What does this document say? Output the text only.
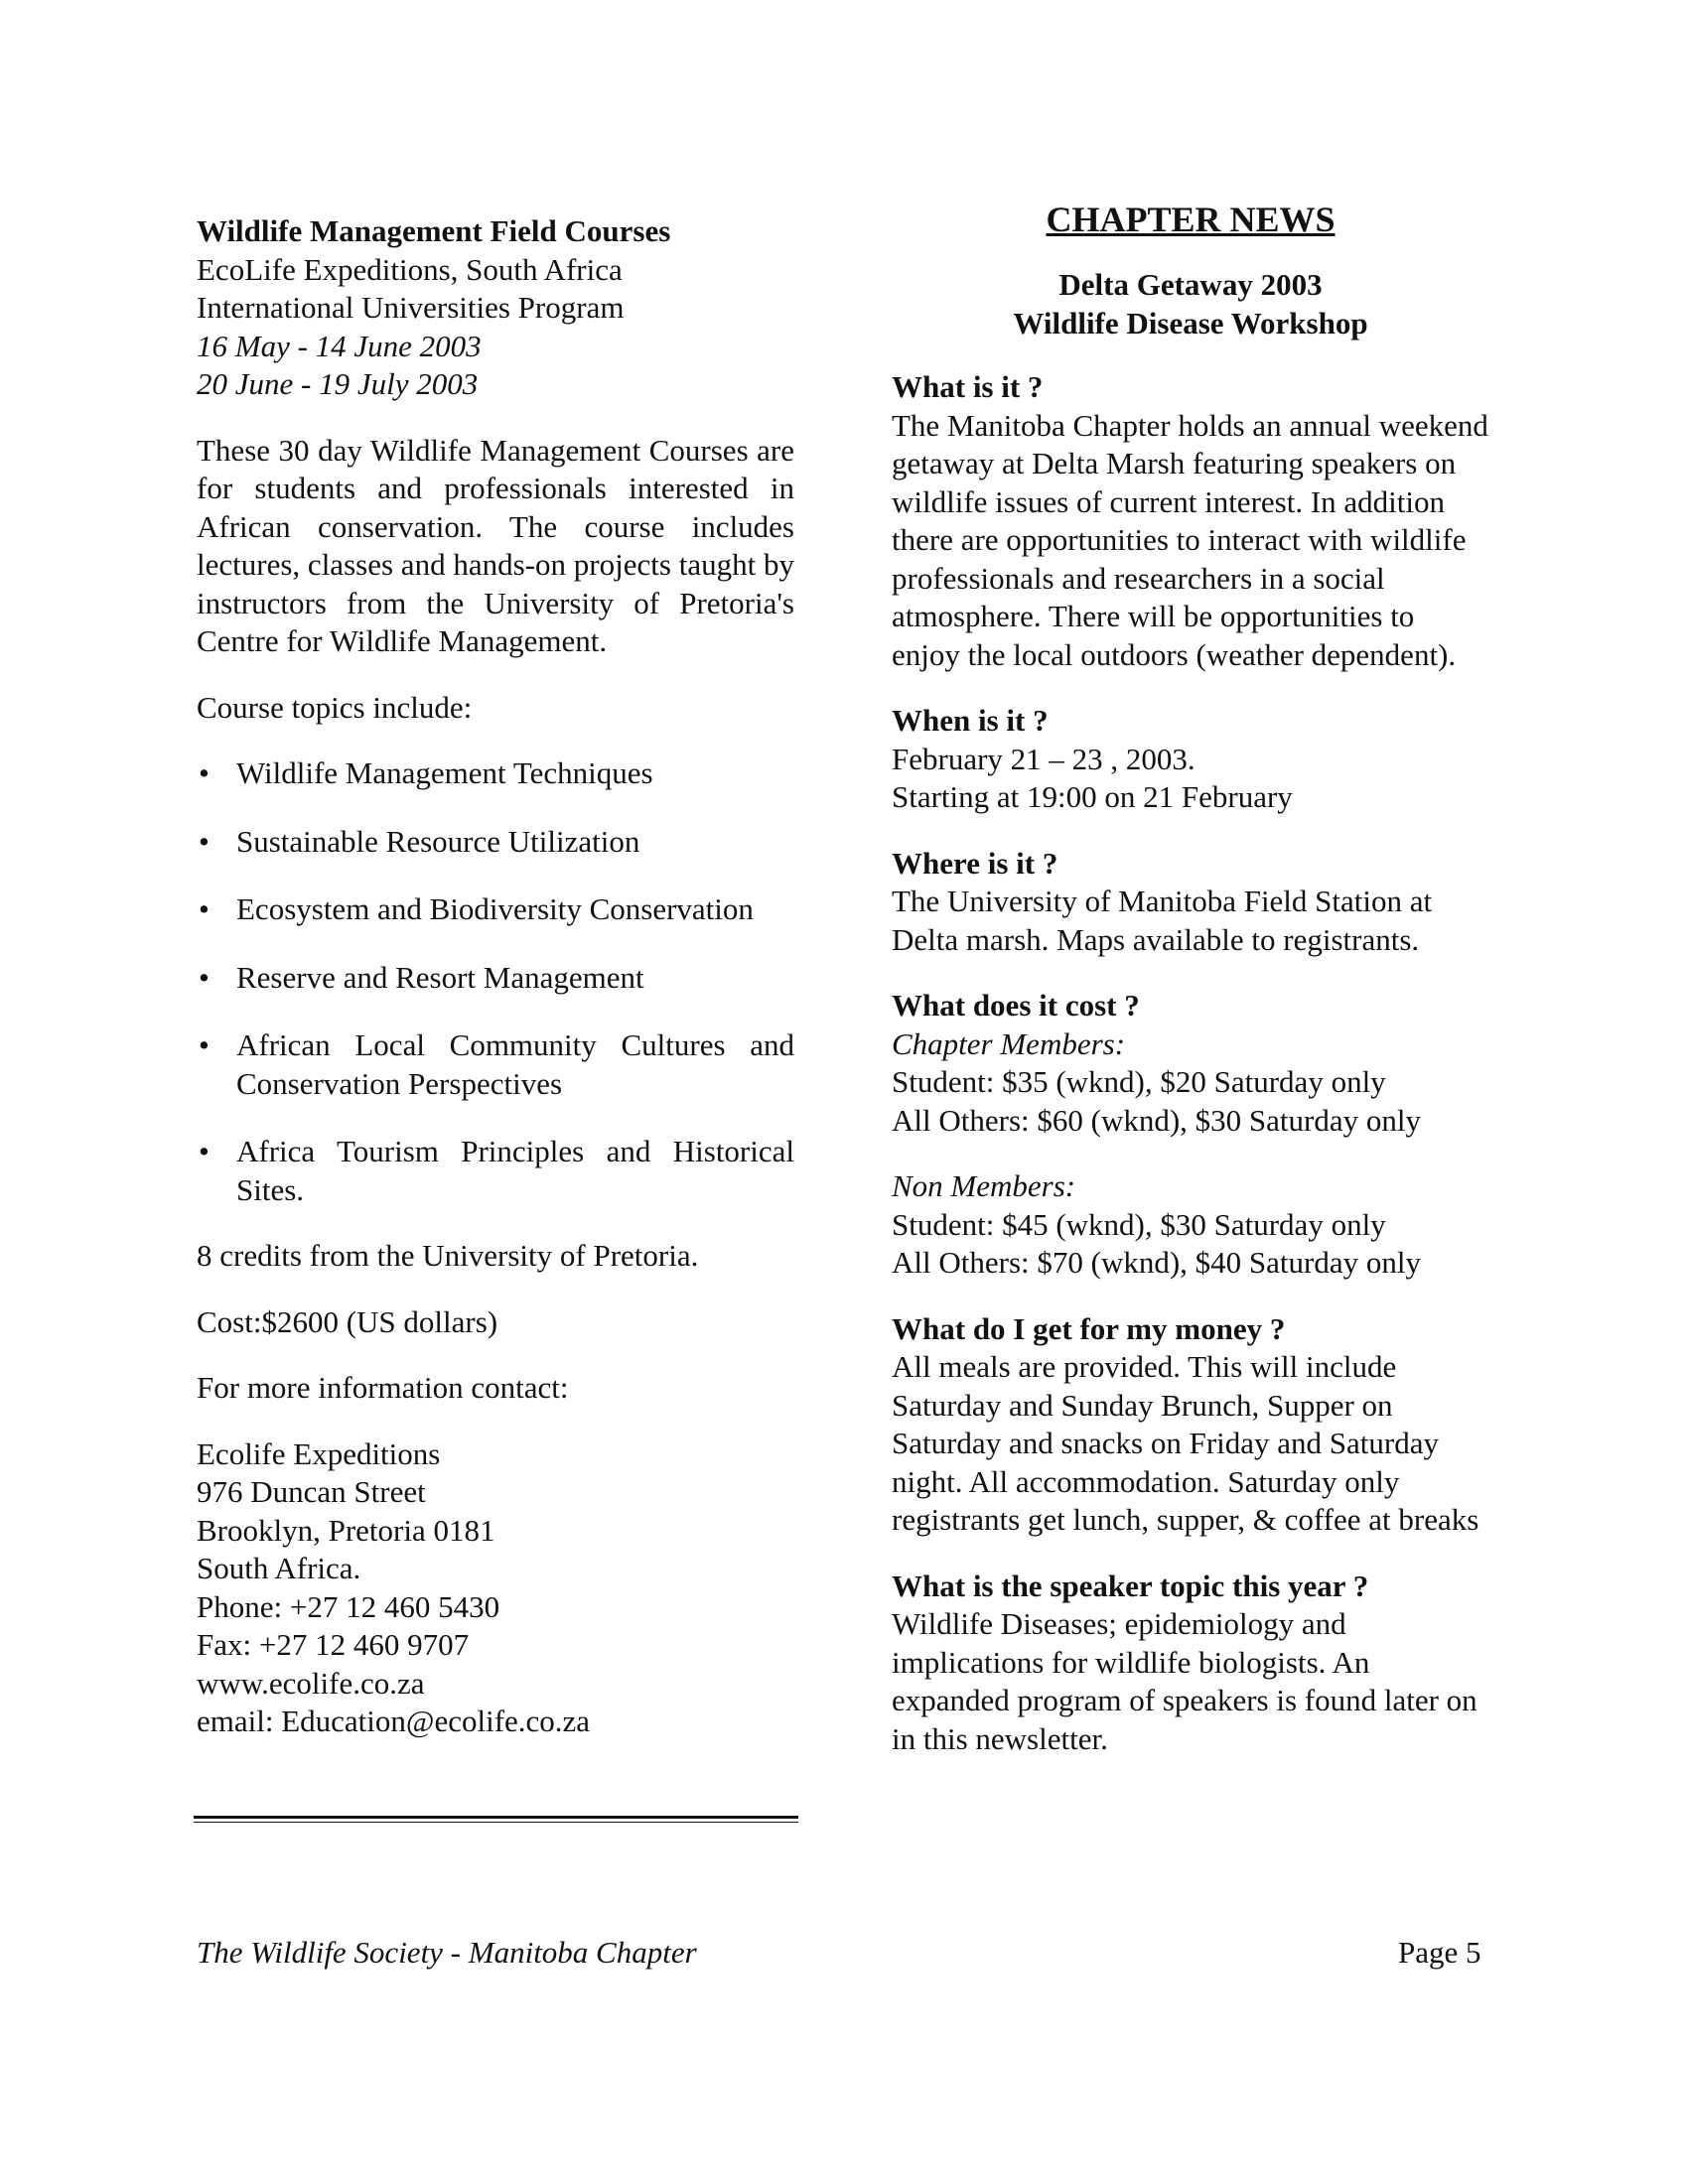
Wildlife Management Field Courses

EcoLife Expeditions, South Africa

International Universities Program

16 May - 14 June 2003

20 June - 19 July 2003

These 30 day Wildlife Management Courses are for students and professionals interested in African conservation. The course includes lectures, classes and hands-on projects taught by instructors from the University of Pretoria's Centre for Wildlife Management.

Course topics include:

• Wildlife Management Techniques
• Sustainable Resource Utilization
• Ecosystem and Biodiversity Conservation
• Reserve and Resort Management
• African Local Community Cultures and Conservation Perspectives
• Africa Tourism Principles and Historical Sites.

8 credits from the University of Pretoria.

Cost:$2600 (US dollars)

For more information contact:

Ecolife Expeditions

976 Duncan Street

Brooklyn, Pretoria 0181

South Africa.

Phone: +27 12 460 5430

Fax: +27 12 460 9707

www.ecolife.co.za

email: Education@ecolife.co.za

CHAPTER NEWS

Delta Getaway 2003

Wildlife Disease Workshop

What is it ?

The Manitoba Chapter holds an annual weekend getaway at Delta Marsh featuring speakers on wildlife issues of current interest. In addition there are opportunities to interact with wildlife professionals and researchers in a social atmosphere. There will be opportunities to enjoy the local outdoors (weather dependent).

When is it ?

February 21 – 23 , 2003.

Starting at 19:00 on 21 February

Where is it ?

The University of Manitoba Field Station at Delta marsh. Maps available to registrants.

What does it cost ?

Chapter Members:

Student: $35 (wknd), $20 Saturday only

All Others: $60 (wknd), $30 Saturday only

Non Members:

Student: $45 (wknd), $30 Saturday only

All Others: $70 (wknd), $40 Saturday only

What do I get for my money ?

All meals are provided. This will include Saturday and Sunday Brunch, Supper on Saturday and snacks on Friday and Saturday night. All accommodation. Saturday only registrants get lunch, supper, & coffee at breaks

What is the speaker topic this year ?

Wildlife Diseases; epidemiology and implications for wildlife biologists. An expanded program of speakers is found later on in this newsletter.

The Wildlife Society - Manitoba Chapter	Page 5
